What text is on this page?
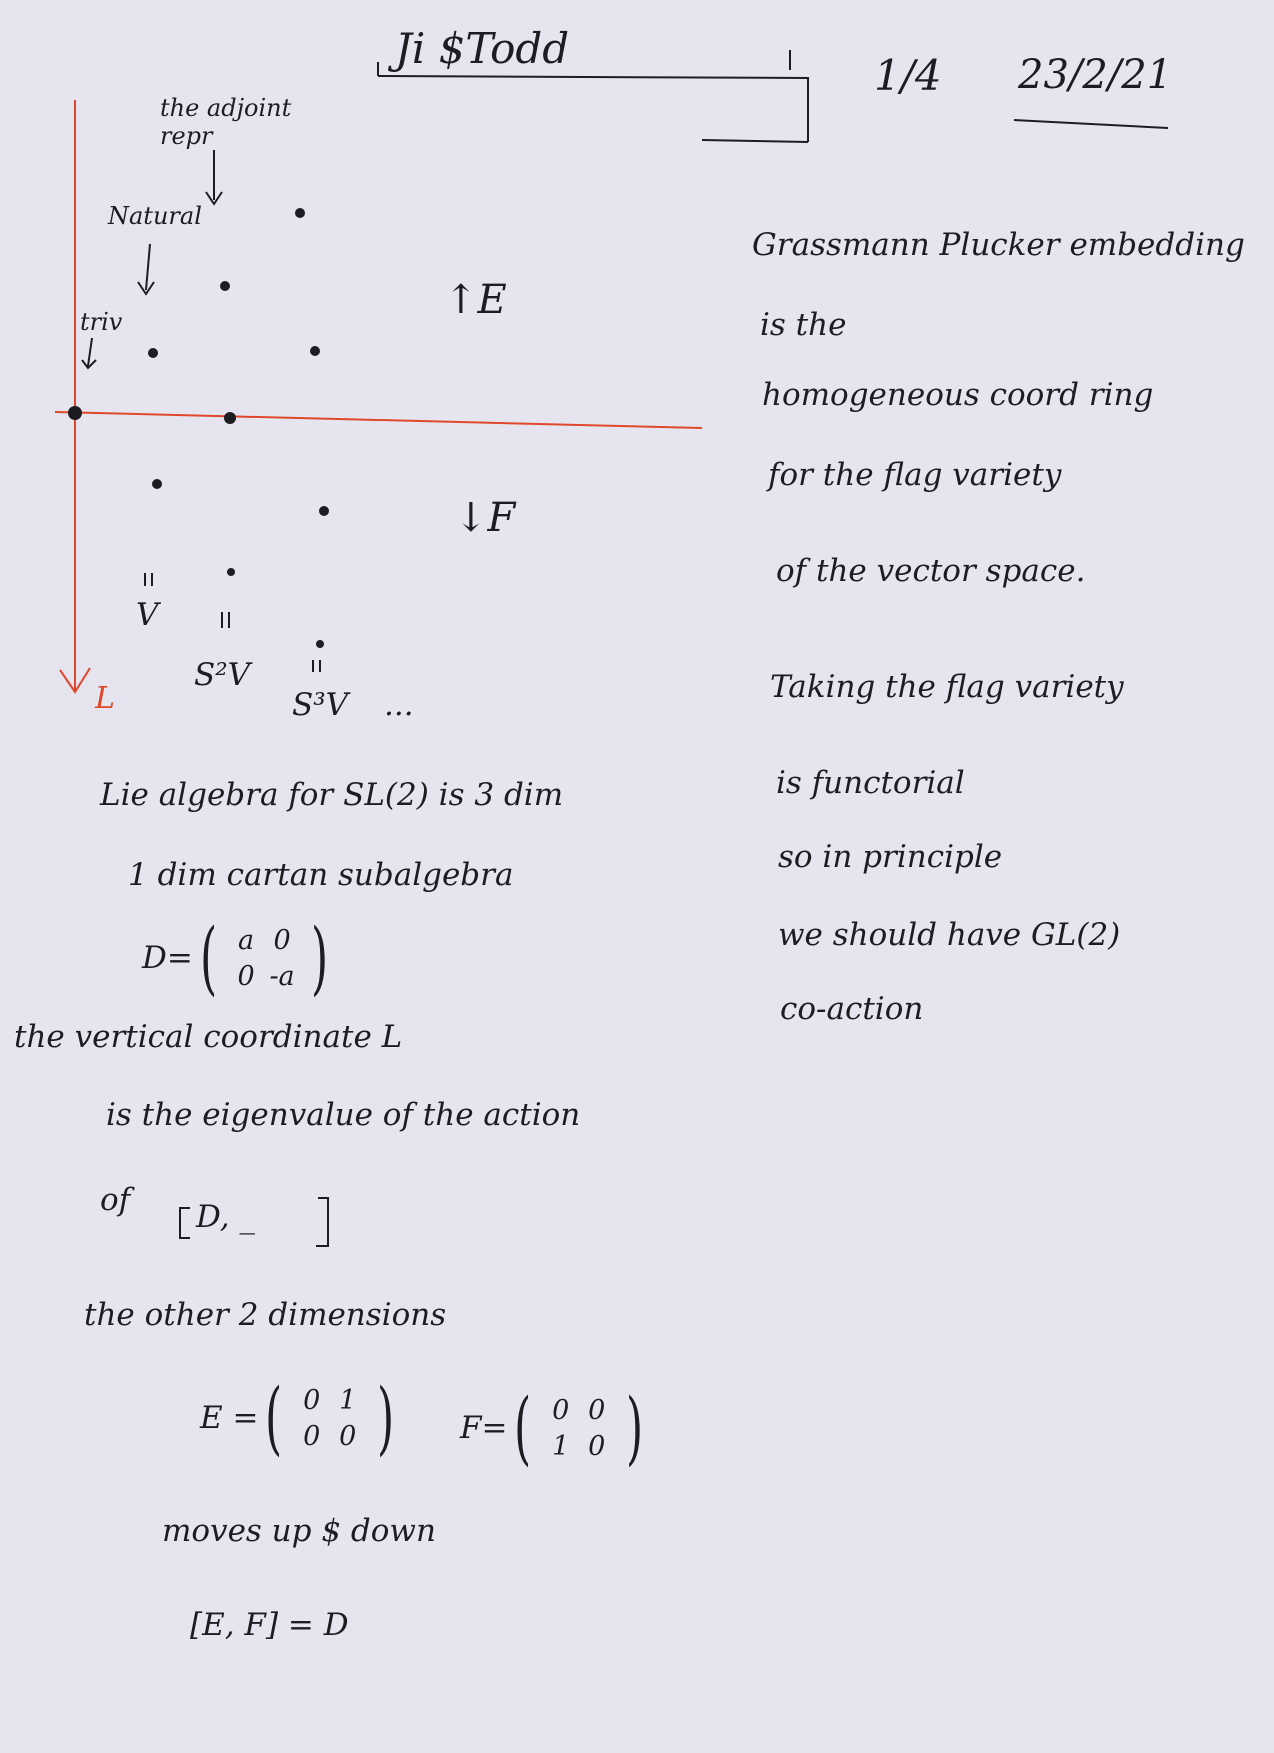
Ji $Todd
1/4 23/2/21
the adjoint repr
Natural
triv	↑E
↓F
L
V
S²V
S³V ...
Lie algebra for SL(2) is 3 dim
1 dim cartan subalgebra
D= ( a 0
0 -a )
the vertical coordinate L
is the eigenvalue of the action
of D, _
the other 2 dimensions
E = ( 0 1
0 0 ) F= ( 0 0
1 0 )
moves up $ down
[E, F] = D
Grassmann Plucker embedding
is the
homogeneous coord ring
for the flag variety
of the vector space.
Taking the flag variety
is functorial
so in principle
we should have GL(2)
co-action
